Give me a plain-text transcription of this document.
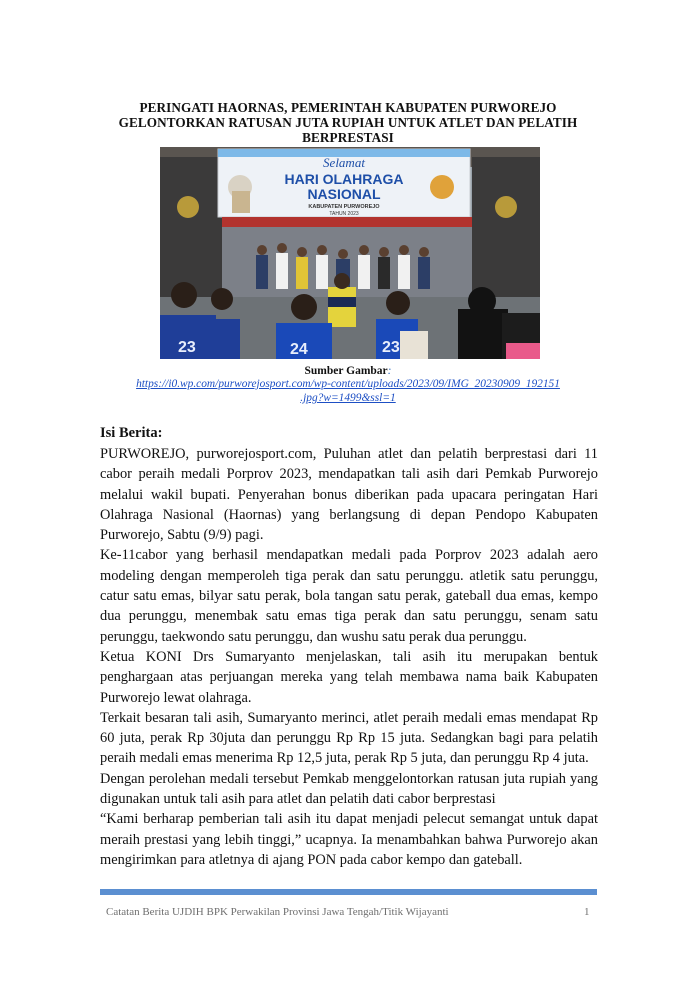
PERINGATI HAORNAS, PEMERINTAH KABUPATEN PURWOREJO
GELONTORKAN RATUSAN JUTA RUPIAH UNTUK ATLET DAN PELATIH
BERPRESTASI
Selamat
HARI OLAHRAGA
NASIONAL
KABUPATEN PURWOREJO
TAHUN 2023
23	24	23
Sumber Gambar:
https://i0.wp.com/purworejosport.com/wp-content/uploads/2023/09/IMG_20230909_192151
.jpg?w=1499&ssl=1
Isi Berita:

PURWOREJO, purworejosport.com, Puluhan atlet dan pelatih berprestasi dari 11 cabor peraih medali Porprov 2023, mendapatkan tali asih dari Pemkab Purworejo melalui wakil bupati. Penyerahan bonus diberikan pada upacara peringatan Hari Olahraga Nasional (Haornas) yang berlangsung di depan Pendopo Kabupaten Purworejo, Sabtu (9/9) pagi.

Ke-11cabor yang berhasil mendapatkan medali pada Porprov 2023 adalah aero modeling dengan memperoleh tiga perak dan satu perunggu. atletik satu perunggu, catur satu emas, bilyar satu perak, bola tangan satu perak, gateball dua emas, kempo dua perunggu, menembak satu emas tiga perak dan satu perunggu, senam satu perunggu, taekwondo satu perunggu, dan wushu satu perak dua perunggu.

Ketua KONI Drs Sumaryanto menjelaskan, tali asih itu merupakan bentuk penghargaan atas perjuangan mereka yang telah membawa nama baik Kabupaten Purworejo lewat olahraga.

Terkait besaran tali asih, Sumaryanto merinci, atlet peraih medali emas mendapat Rp 60 juta, perak Rp 30juta dan perunggu Rp Rp 15 juta. Sedangkan bagi para pelatih peraih medali emas menerima Rp 12,5 juta, perak Rp 5 juta, dan perunggu Rp 4 juta.

Dengan perolehan medali tersebut Pemkab menggelontorkan ratusan juta rupiah yang digunakan untuk tali asih para atlet dan pelatih dati cabor berprestasi

“Kami berharap pemberian tali asih itu dapat menjadi pelecut semangat untuk dapat meraih prestasi yang lebih tinggi,” ucapnya. Ia menambahkan bahwa Purworejo akan mengirimkan para atletnya di ajang PON pada cabor kempo dan gateball.

Catatan Berita UJDIH BPK Perwakilan Provinsi Jawa Tengah/Titik Wijayanti	1
